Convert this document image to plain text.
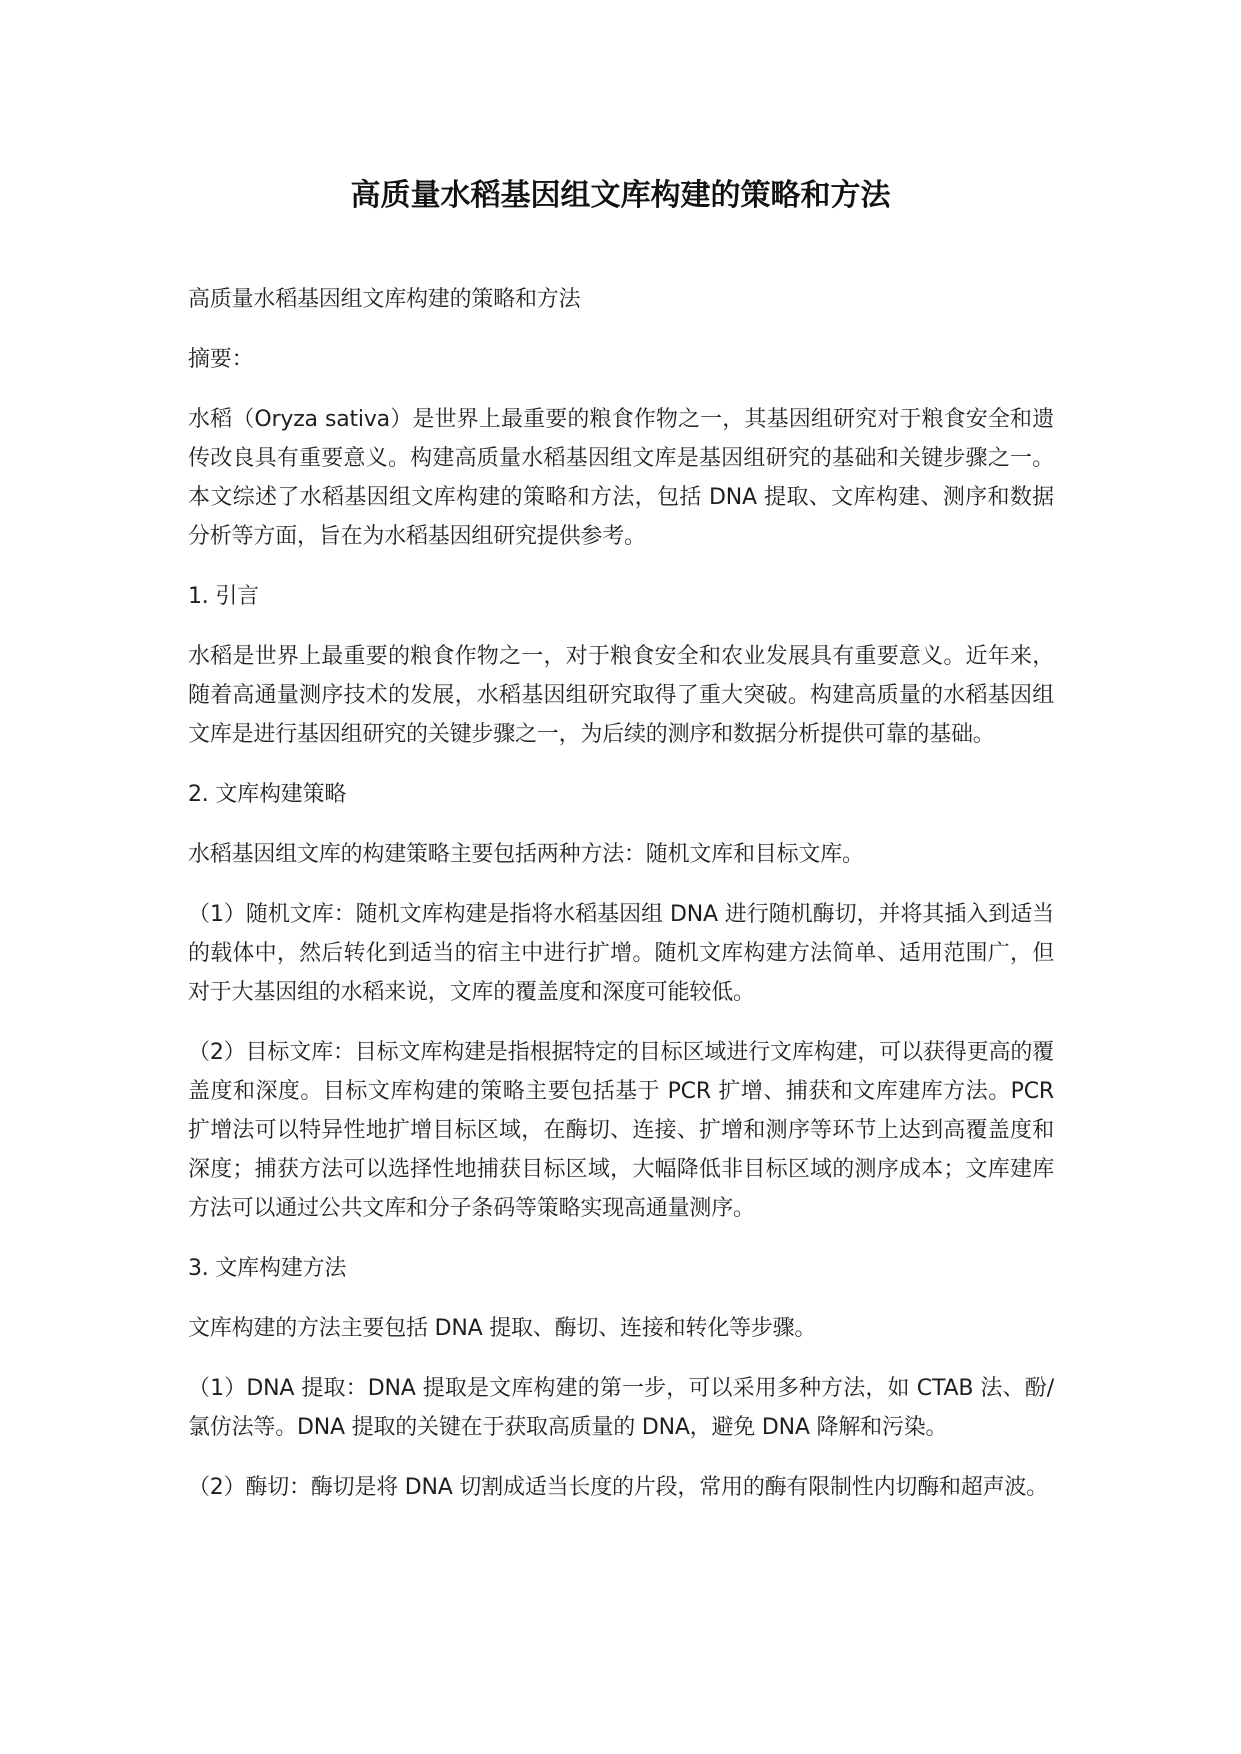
高质量水稻基因组文库构建的策略和方法

高质量水稻基因组文库构建的策略和方法

摘要：

水稻（Oryza sativa）是世界上最重要的粮食作物之一，其基因组研究对于粮食安全和遗传改良具有重要意义。构建高质量水稻基因组文库是基因组研究的基础和关键步骤之一。本文综述了水稻基因组文库构建的策略和方法，包括 DNA 提取、文库构建、测序和数据分析等方面，旨在为水稻基因组研究提供参考。

1. 引言

水稻是世界上最重要的粮食作物之一，对于粮食安全和农业发展具有重要意义。近年来，随着高通量测序技术的发展，水稻基因组研究取得了重大突破。构建高质量的水稻基因组文库是进行基因组研究的关键步骤之一，为后续的测序和数据分析提供可靠的基础。

2. 文库构建策略

水稻基因组文库的构建策略主要包括两种方法：随机文库和目标文库。

（1）随机文库：随机文库构建是指将水稻基因组 DNA 进行随机酶切，并将其插入到适当的载体中，然后转化到适当的宿主中进行扩增。随机文库构建方法简单、适用范围广，但对于大基因组的水稻来说，文库的覆盖度和深度可能较低。

（2）目标文库：目标文库构建是指根据特定的目标区域进行文库构建，可以获得更高的覆盖度和深度。目标文库构建的策略主要包括基于 PCR 扩增、捕获和文库建库方法。PCR 扩增法可以特异性地扩增目标区域，在酶切、连接、扩增和测序等环节上达到高覆盖度和深度；捕获方法可以选择性地捕获目标区域，大幅降低非目标区域的测序成本；文库建库方法可以通过公共文库和分子条码等策略实现高通量测序。

3. 文库构建方法

文库构建的方法主要包括 DNA 提取、酶切、连接和转化等步骤。

（1）DNA 提取：DNA 提取是文库构建的第一步，可以采用多种方法，如 CTAB 法、酚/氯仿法等。DNA 提取的关键在于获取高质量的 DNA，避免 DNA 降解和污染。

（2）酶切：酶切是将 DNA 切割成适当长度的片段，常用的酶有限制性内切酶和超声波。
